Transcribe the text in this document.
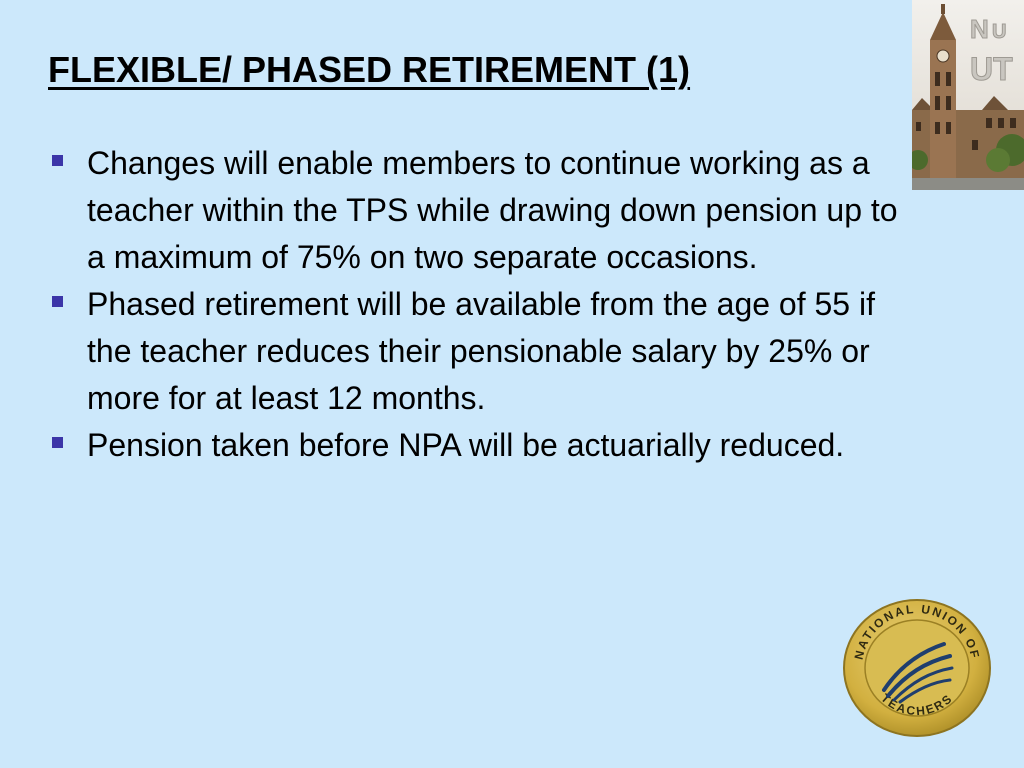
FLEXIBLE/ PHASED RETIREMENT (1)
Changes will enable members to continue working as a teacher within the TPS while drawing down pension up to a maximum of 75% on two separate occasions.
Phased retirement will be available from the age of 55 if the teacher reduces their pensionable salary by 25% or more for at least 12 months.
Pension taken before NPA will be actuarially reduced.
N U
UT
NATIONAL UNION OF
TEACHERS
